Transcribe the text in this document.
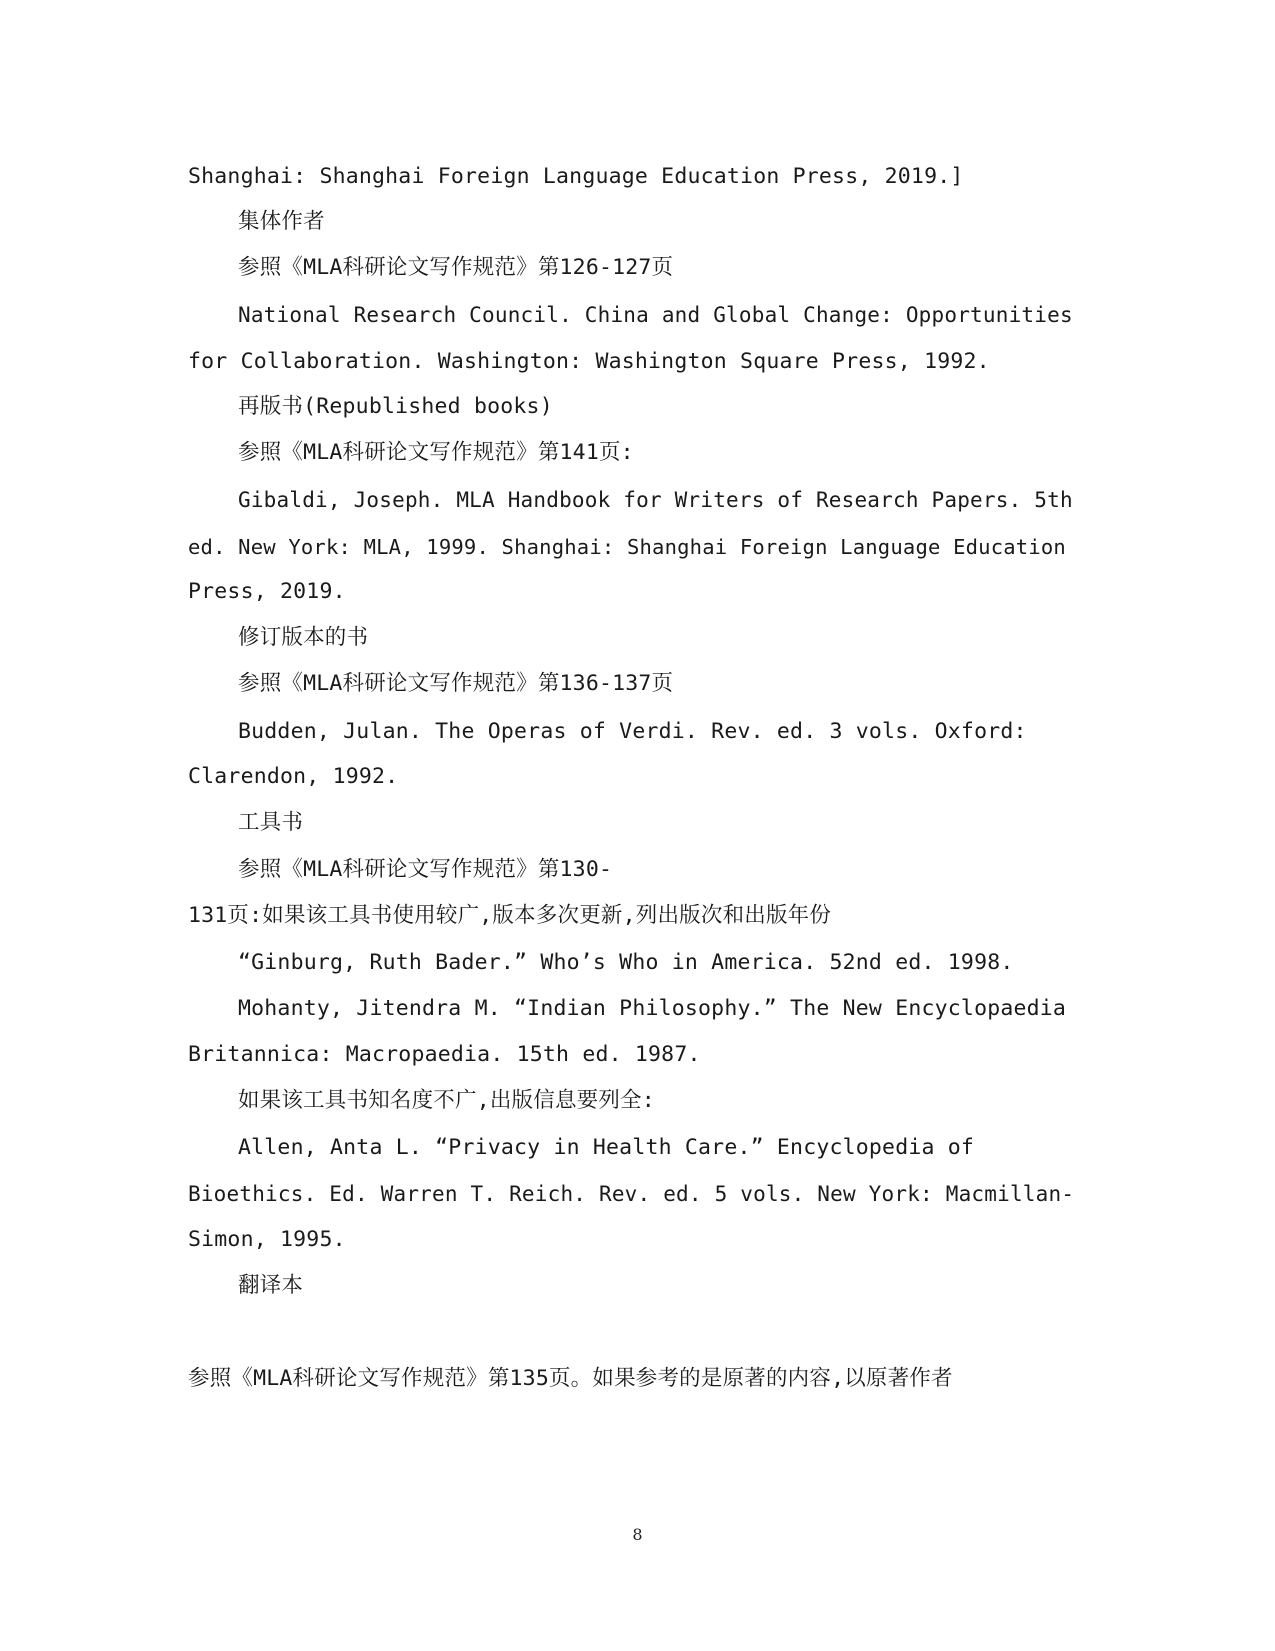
Shanghai: Shanghai Foreign Language Education Press, 2019.]
集体作者
参照《MLA科研论文写作规范》第126-127页
National Research Council. China and Global Change: Opportunities
for Collaboration. Washington: Washington Square Press, 1992.
再版书(Republished books)
参照《MLA科研论文写作规范》第141页:
Gibaldi, Joseph. MLA Handbook for Writers of Research Papers. 5th
ed. New York: MLA, 1999. Shanghai: Shanghai Foreign Language Education
Press, 2019.
修订版本的书
参照《MLA科研论文写作规范》第136-137页
Budden, Julan. The Operas of Verdi. Rev. ed. 3 vols. Oxford:
Clarendon, 1992.
工具书
参照《MLA科研论文写作规范》第130-
131页:如果该工具书使用较广,版本多次更新,列出版次和出版年份
“Ginburg, Ruth Bader.” Who’s Who in America. 52nd ed. 1998.
Mohanty, Jitendra M. “Indian Philosophy.” The New Encyclopaedia
Britannica: Macropaedia. 15th ed. 1987.
如果该工具书知名度不广,出版信息要列全:
Allen, Anta L. “Privacy in Health Care.” Encyclopedia of
Bioethics. Ed. Warren T. Reich. Rev. ed. 5 vols. New York: Macmillan-
Simon, 1995.
翻译本
参照《MLA科研论文写作规范》第135页。如果参考的是原著的内容,以原著作者
8
